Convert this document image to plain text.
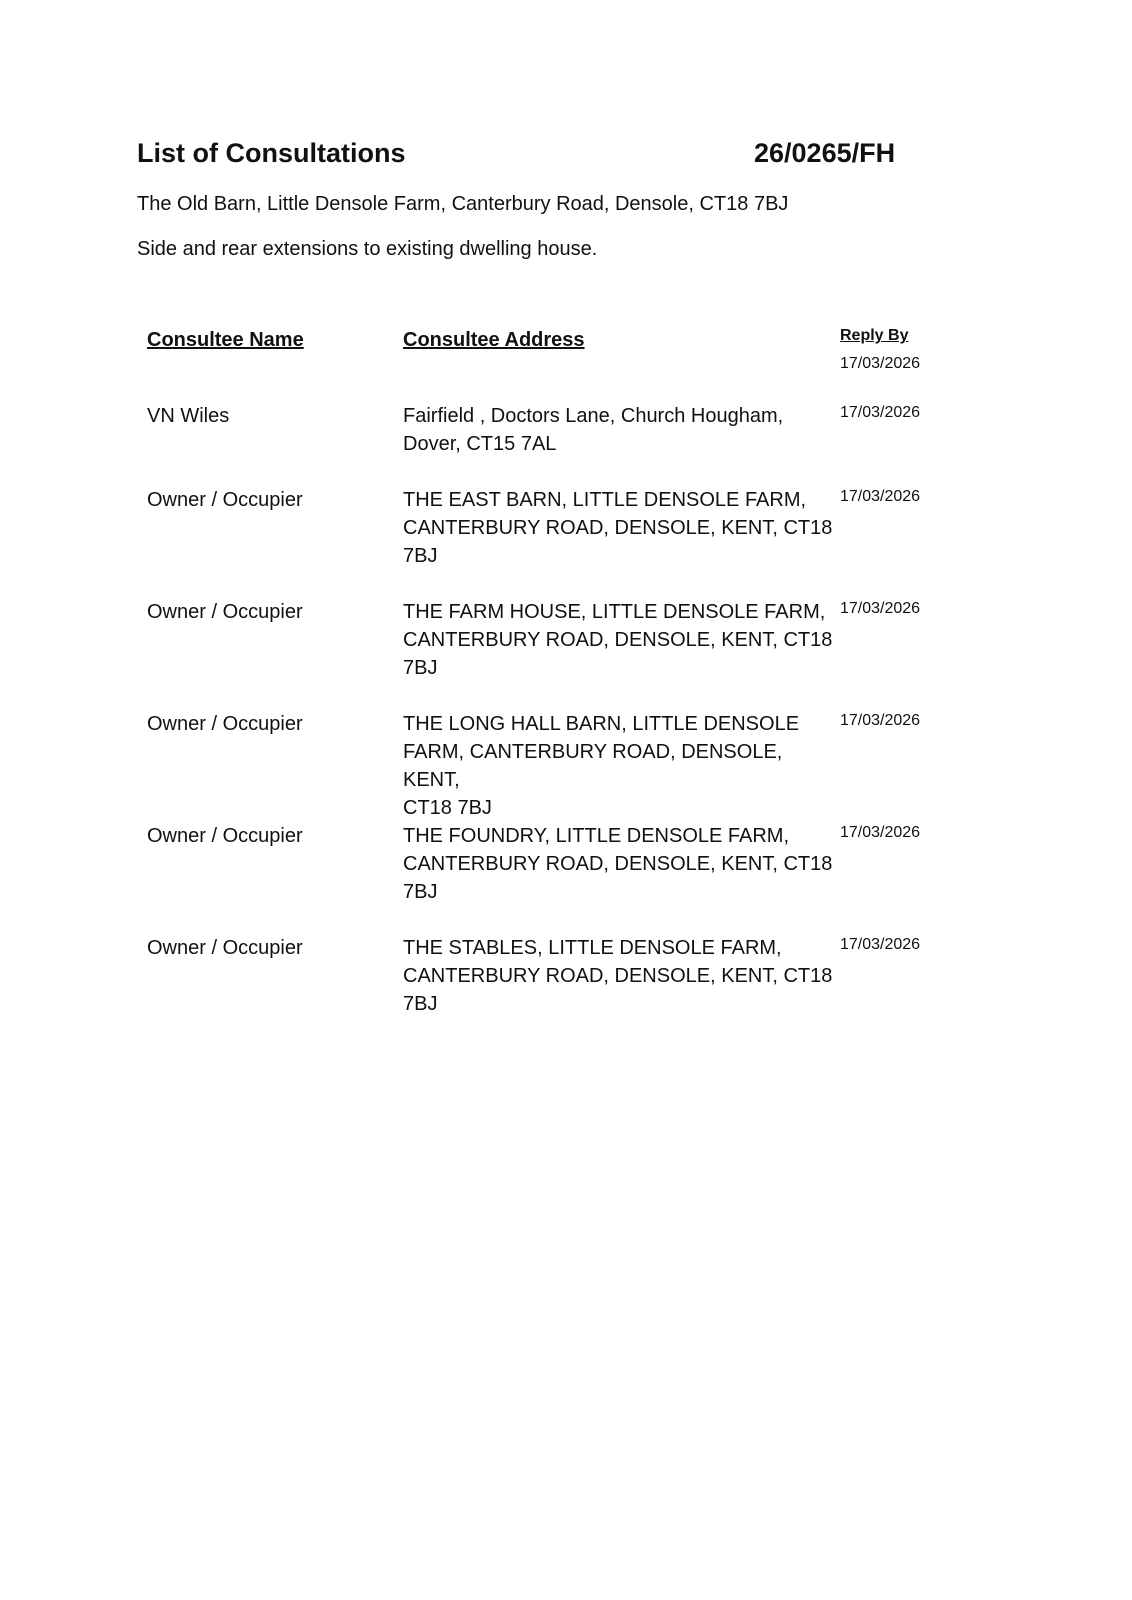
List of Consultations	26/0265/FH

The Old Barn, Little Densole Farm, Canterbury Road, Densole, CT18 7BJ

Side and rear extensions to existing dwelling house.

Consultee Name	Consultee Address	Reply By
17/03/2026
VN Wiles	Fairfield , Doctors Lane, Church Hougham,
Dover, CT15 7AL
17/03/2026
Owner / Occupier	THE EAST BARN, LITTLE DENSOLE FARM,
CANTERBURY ROAD, DENSOLE, KENT, CT18
7BJ
17/03/2026
Owner / Occupier	THE FARM HOUSE, LITTLE DENSOLE FARM,
CANTERBURY ROAD, DENSOLE, KENT, CT18
7BJ
17/03/2026
Owner / Occupier	THE LONG HALL BARN, LITTLE DENSOLE
FARM, CANTERBURY ROAD, DENSOLE, KENT,
CT18 7BJ
17/03/2026
Owner / Occupier	THE FOUNDRY, LITTLE DENSOLE FARM,
CANTERBURY ROAD, DENSOLE, KENT, CT18
7BJ
17/03/2026
Owner / Occupier	THE STABLES, LITTLE DENSOLE FARM,
CANTERBURY ROAD, DENSOLE, KENT, CT18
7BJ
17/03/2026
